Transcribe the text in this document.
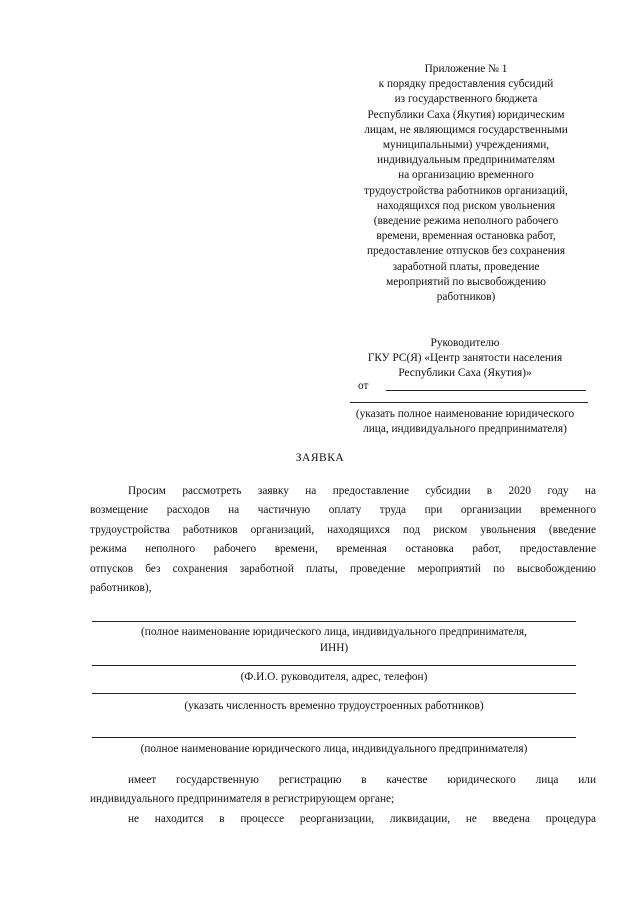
Приложение № 1
к порядку предоставления субсидий
из государственного бюджета
Республики Саха (Якутия) юридическим
лицам, не являющимся государственными
муниципальными) учреждениями,
индивидуальным предпринимателям
на организацию временного
трудоустройства работников организаций,
находящихся под риском увольнения
(введение режима неполного рабочего
времени, временная остановка работ,
предоставление отпусков без сохранения
заработной платы, проведение
мероприятий по высвобождению
работников)
Руководителю
ГКУ РС(Я) «Центр занятости населения
Республики Саха (Якутия)»
от
(указать полное наименование юридического
лица, индивидуального предпринимателя)
ЗАЯВКА
Просим рассмотреть заявку на предоставление субсидии в 2020 году на
возмещение расходов на частичную оплату труда при организации временного
трудоустройства работников организаций, находящихся под риском увольнения (введение
режима неполного рабочего времени, временная остановка работ, предоставление
отпусков без сохранения заработной платы, проведение мероприятий по высвобождению
работников),
(полное наименование юридического лица, индивидуального предпринимателя,
ИНН)
(Ф.И.О. руководителя, адрес, телефон)
(указать численность временно трудоустроенных работников)
(полное наименование юридического лица, индивидуального предпринимателя)
имеет государственную регистрацию в качестве юридического лица или
индивидуального предпринимателя в регистрирующем органе;
не находится в процессе реорганизации, ликвидации, не введена процедура
